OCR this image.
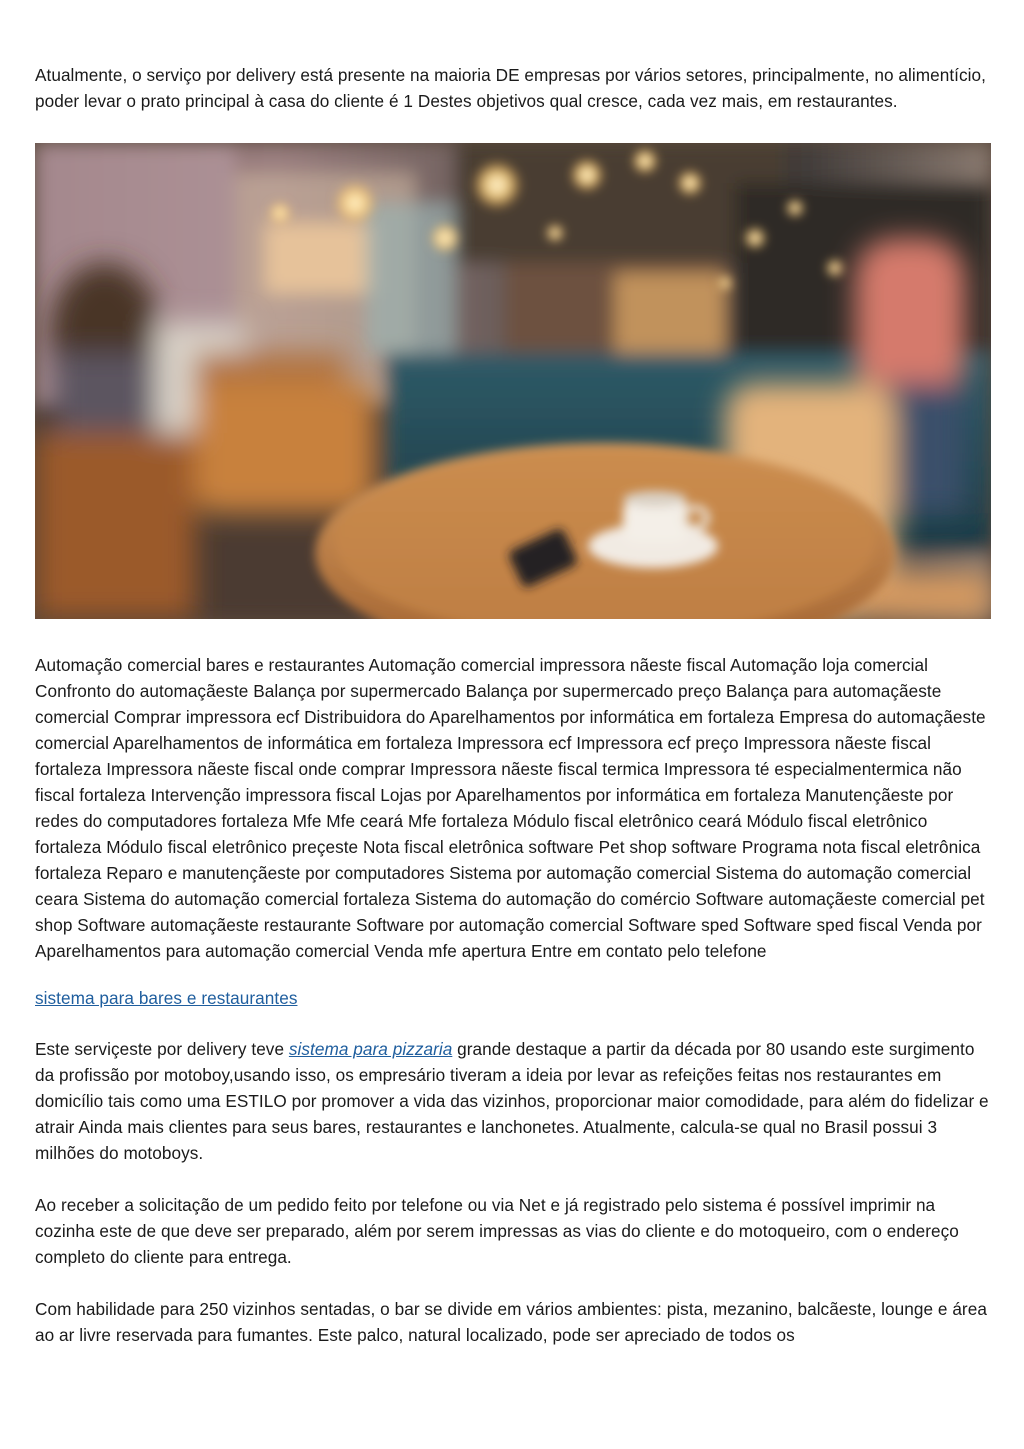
Atualmente, o serviço por delivery está presente na maioria DE empresas por vários setores, principalmente, no alimentício, poder levar o prato principal à casa do cliente é 1 Destes objetivos qual cresce, cada vez mais, em restaurantes.

Automação comercial bares e restaurantes Automação comercial impressora nãeste fiscal Automação loja comercial Confronto do automaçãeste Balança por supermercado Balança por supermercado preço Balança para automaçãeste comercial Comprar impressora ecf Distribuidora do Aparelhamentos por informática em fortaleza Empresa do automaçãeste comercial Aparelhamentos de informática em fortaleza Impressora ecf Impressora ecf preço Impressora nãeste fiscal fortaleza Impressora nãeste fiscal onde comprar Impressora nãeste fiscal termica Impressora té especialmentermica não fiscal fortaleza Intervenção impressora fiscal Lojas por Aparelhamentos por informática em fortaleza Manutençãeste por redes do computadores fortaleza Mfe Mfe ceará Mfe fortaleza Módulo fiscal eletrônico ceará Módulo fiscal eletrônico fortaleza Módulo fiscal eletrônico preçeste Nota fiscal eletrônica software Pet shop software Programa nota fiscal eletrônica fortaleza Reparo e manutençãeste por computadores Sistema por automação comercial Sistema do automação comercial ceara Sistema do automação comercial fortaleza Sistema do automação do comércio Software automaçãeste comercial pet shop Software automaçãeste restaurante Software por automação comercial Software sped Software sped fiscal Venda por Aparelhamentos para automação comercial Venda mfe apertura Entre em contato pelo telefone

sistema para bares e restaurantes

Este serviçeste por delivery teve sistema para pizzaria grande destaque a partir da década por 80 usando este surgimento da profissão por motoboy,usando isso, os empresário tiveram a ideia por levar as refeições feitas nos restaurantes em domicílio tais como uma ESTILO por promover a vida das vizinhos, proporcionar maior comodidade, para além do fidelizar e atrair Ainda mais clientes para seus bares, restaurantes e lanchonetes. Atualmente, calcula-se qual no Brasil possui 3 milhões do motoboys.

Ao receber a solicitação de um pedido feito por telefone ou via Net e já registrado pelo sistema é possível imprimir na cozinha este de que deve ser preparado, além por serem impressas as vias do cliente e do motoqueiro, com o endereço completo do cliente para entrega.

Com habilidade para 250 vizinhos sentadas, o bar se divide em vários ambientes: pista, mezanino, balcãeste, lounge e área ao ar livre reservada para fumantes. Este palco, natural localizado, pode ser apreciado de todos os
